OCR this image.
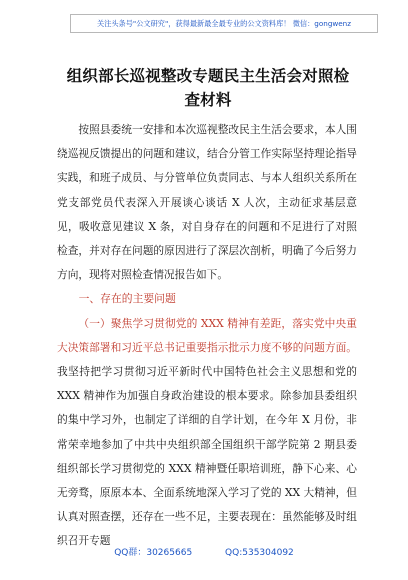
关注头条号"公文研究"，获得最新最全最专业的公文资料库！ 微信：gongwenz
组织部长巡视整改专题民主生活会对照检
查材料

按照县委统一安排和本次巡视整改民主生活会要求，本人围绕巡视反馈提出的问题和建议，结合分管工作实际坚持理论指导实践，和班子成员、与分管单位负责同志、与本人组织关系所在党支部党员代表深入开展谈心谈话 X 人次，主动征求基层意见，吸收意见建议 X 条，对自身存在的问题和不足进行了对照检查，并对存在问题的原因进行了深层次剖析，明确了今后努力方向，现将对照检查情况报告如下。

一、存在的主要问题

（一）聚焦学习贯彻党的 XXX 精神有差距，落实党中央重大决策部署和习近平总书记重要指示批示力度不够的问题方面。我坚持把学习贯彻习近平新时代中国特色社会主义思想和党的 XXX 精神作为加强自身政治建设的根本要求。除参加县委组织的集中学习外，也制定了详细的自学计划，在今年 X 月份，非常荣幸地参加了中共中央组织部全国组织干部学院第 2 期县委组织部长学习贯彻党的 XXX 精神暨任职培训班，静下心来、心无旁骛，原原本本、全面系统地深入学习了党的 XX 大精神，但认真对照查摆，还存在一些不足，主要表现在：虽然能够及时组织召开专题

QQ群：30265665	QQ:535304092
